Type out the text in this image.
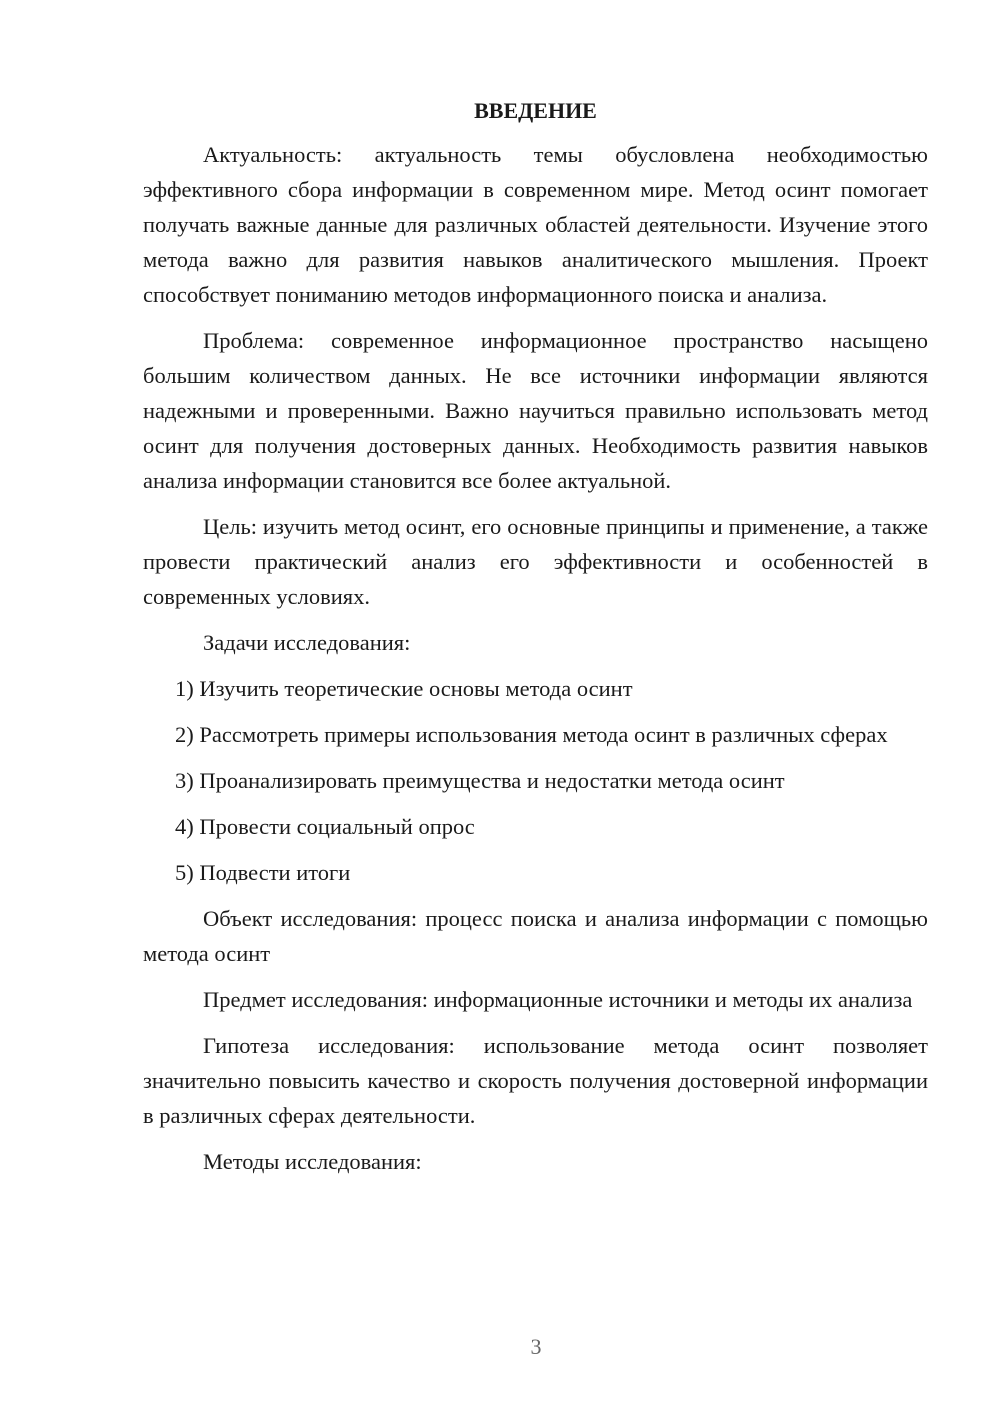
ВВЕДЕНИЕ

Актуальность: актуальность темы обусловлена необходимостью эффективного сбора информации в современном мире. Метод осинт помогает получать важные данные для различных областей деятельности. Изучение этого метода важно для развития навыков аналитического мышления. Проект способствует пониманию методов информационного поиска и анализа.

Проблема: современное информационное пространство насыщено большим количеством данных. Не все источники информации являются надежными и проверенными. Важно научиться правильно использовать метод осинт для получения достоверных данных. Необходимость развития навыков анализа информации становится все более актуальной.

Цель: изучить метод осинт, его основные принципы и применение, а также провести практический анализ его эффективности и особенностей в современных условиях.

Задачи исследования:

1) Изучить теоретические основы метода осинт

2) Рассмотреть примеры использования метода осинт в различных сферах

3) Проанализировать преимущества и недостатки метода осинт

4) Провести социальный опрос

5) Подвести итоги

Объект исследования: процесс поиска и анализа информации с помощью метода осинт

Предмет исследования: информационные источники и методы их анализа

Гипотеза исследования: использование метода осинт позволяет значительно повысить качество и скорость получения достоверной информации в различных сферах деятельности.

Методы исследования:

3
